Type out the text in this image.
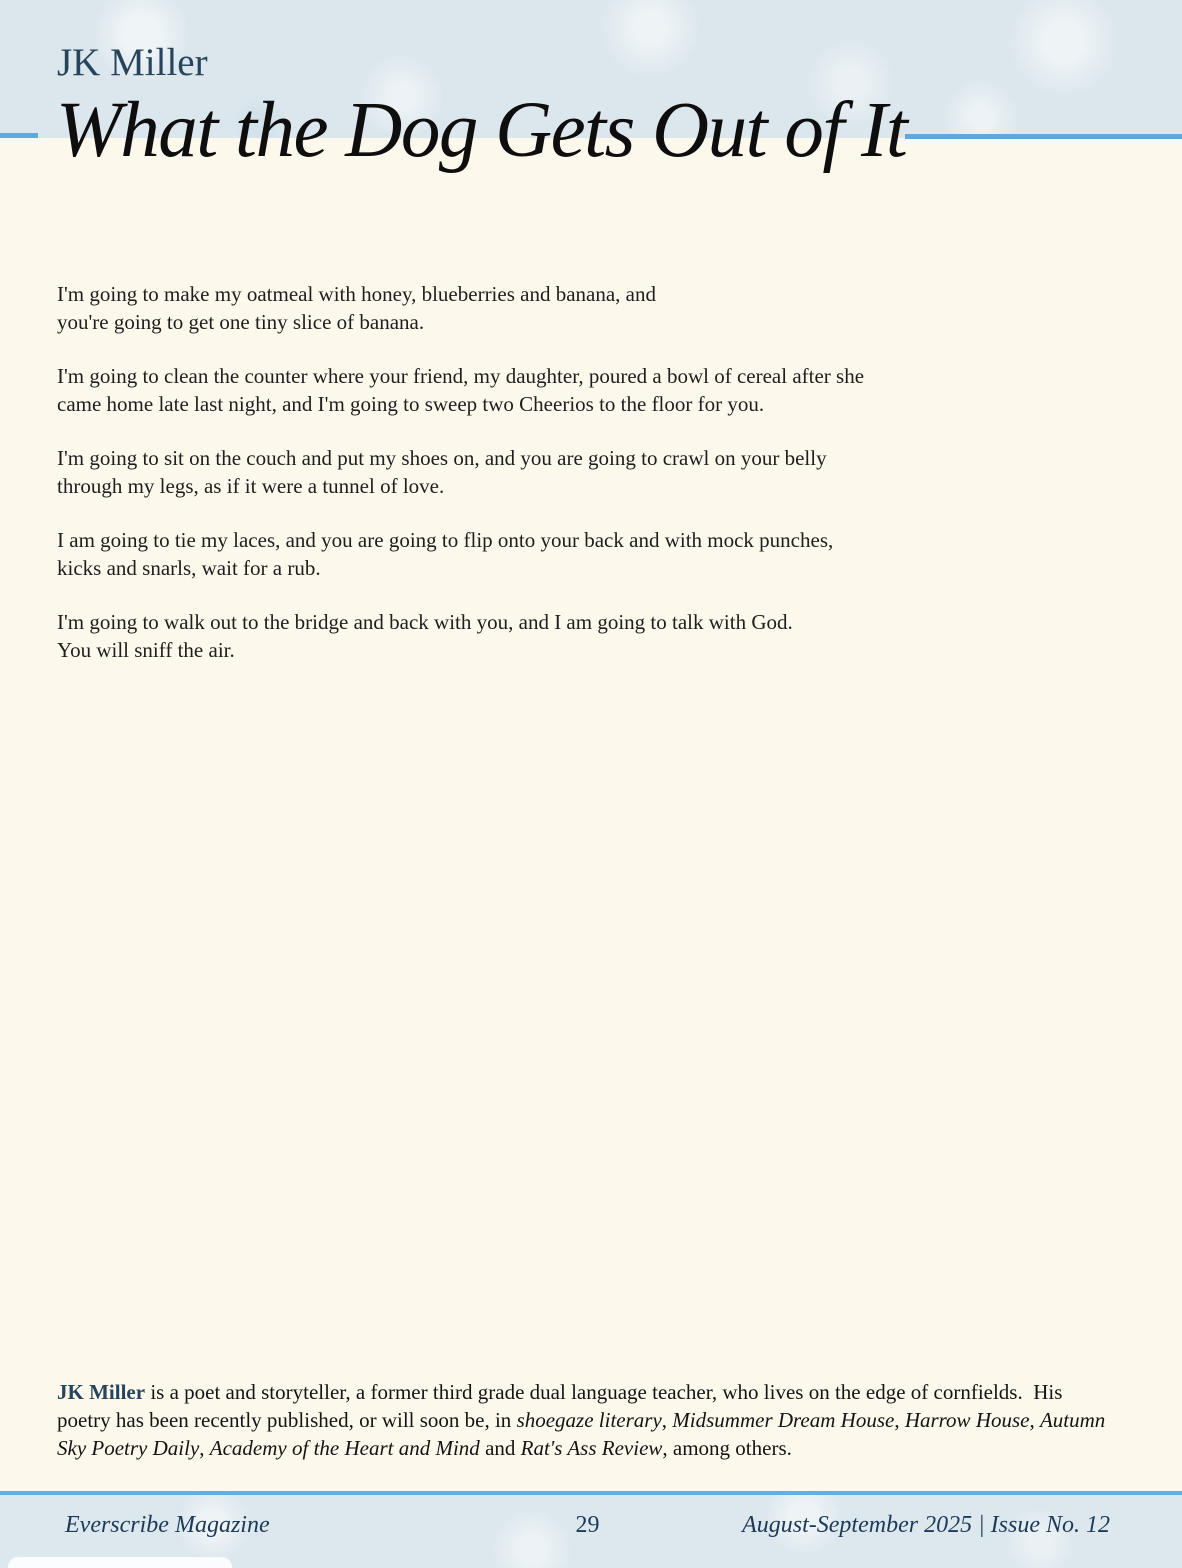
JK Miller
What the Dog Gets Out of It
I'm going to make my oatmeal with honey, blueberries and banana, and
you're going to get one tiny slice of banana.
I'm going to clean the counter where your friend, my daughter, poured a bowl of cereal after she
came home late last night, and I'm going to sweep two Cheerios to the floor for you.
I'm going to sit on the couch and put my shoes on, and you are going to crawl on your belly
through my legs, as if it were a tunnel of love.
I am going to tie my laces, and you are going to flip onto your back and with mock punches,
kicks and snarls, wait for a rub.
I'm going to walk out to the bridge and back with you, and I am going to talk with God.
You will sniff the air.

JK Miller is a poet and storyteller, a former third grade dual language teacher, who lives on the edge of cornfields.  His poetry has been recently published, or will soon be, in shoegaze literary, Midsummer Dream House, Harrow House, Autumn Sky Poetry Daily, Academy of the Heart and Mind and Rat's Ass Review, among others.

Everscribe Magazine	29	August-September 2025 | Issue No. 12
